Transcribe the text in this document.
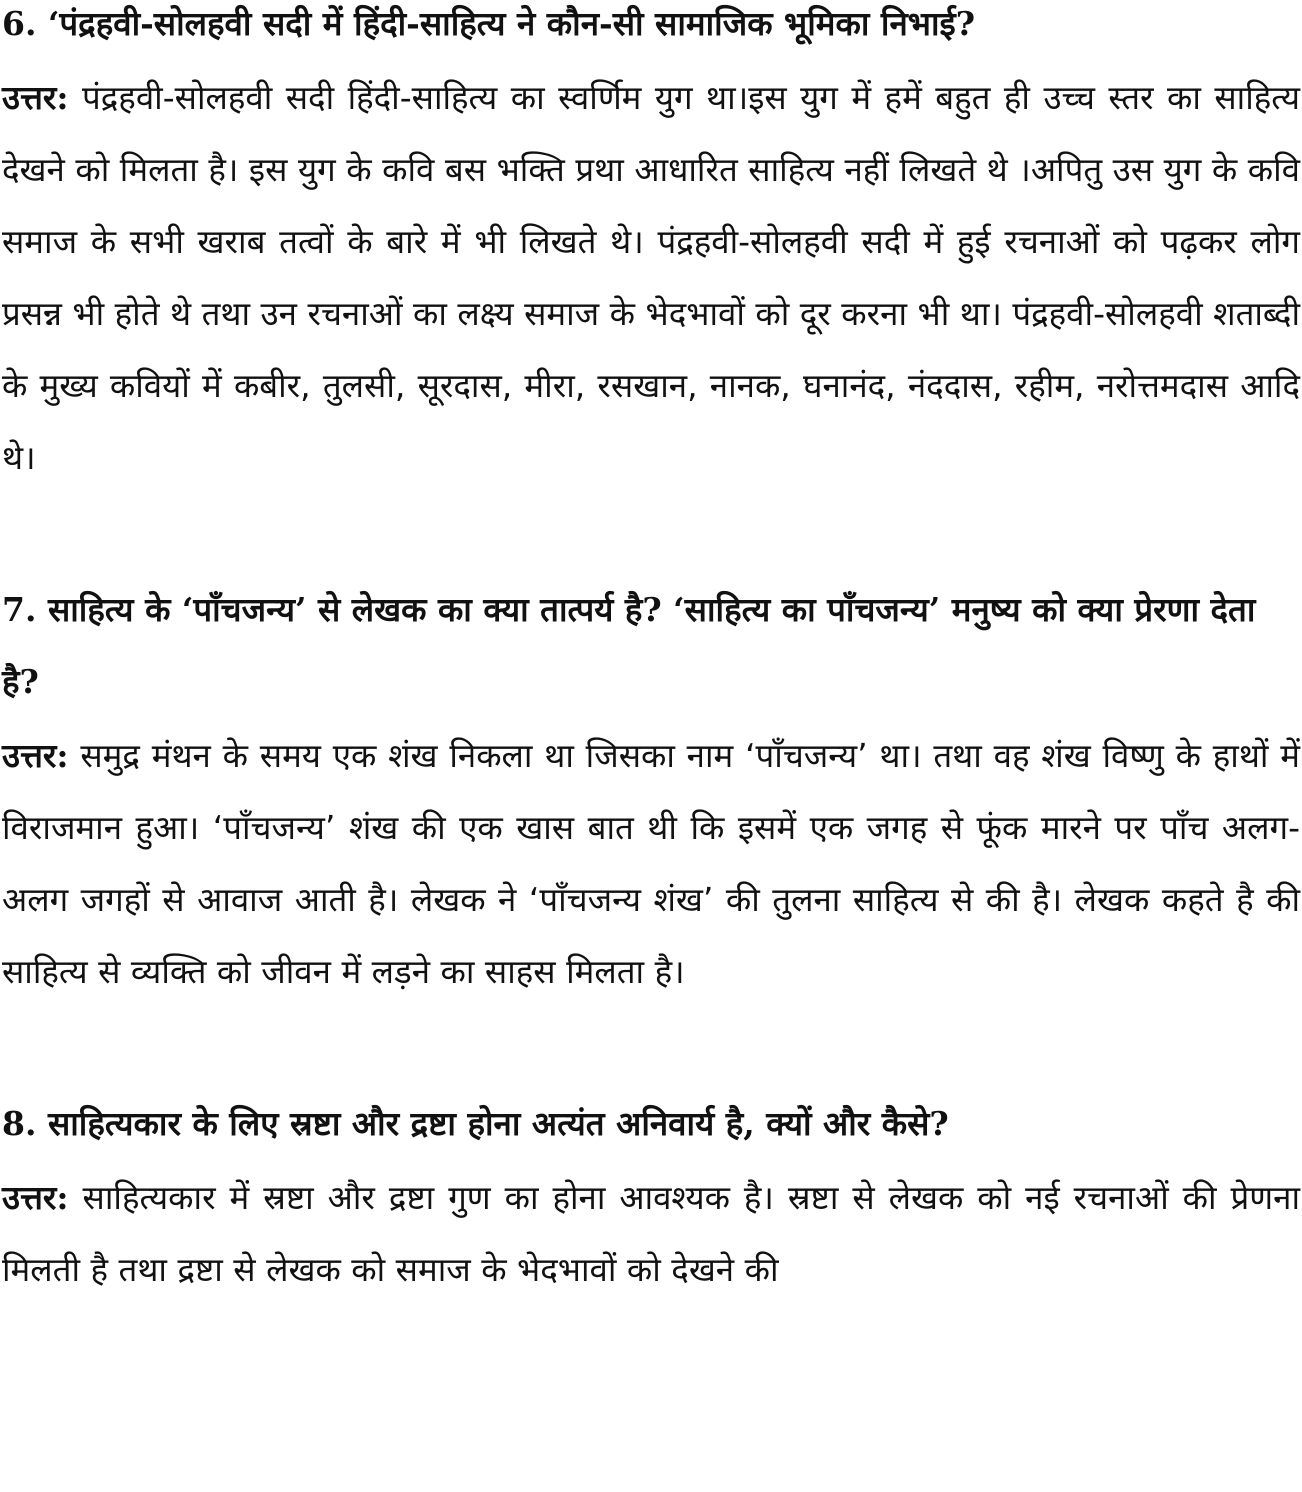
6. ‘पंद्रहवी-सोलहवी सदी में हिंदी-साहित्य ने कौन-सी सामाजिक भूमिका निभाई?

उत्तर: पंद्रहवी-सोलहवी सदी हिंदी-साहित्य का स्वर्णिम युग था।इस युग में हमें बहुत ही उच्च स्तर का साहित्य देखने को मिलता है। इस युग के कवि बस भक्ति प्रथा आधारित साहित्य नहीं लिखते थे ।अपितु उस युग के कवि समाज के सभी खराब तत्वों के बारे में भी लिखते थे। पंद्रहवी-सोलहवी सदी में हुई रचनाओं को पढ़कर लोग प्रसन्न भी होते थे तथा उन रचनाओं का लक्ष्य समाज के भेदभावों को दूर करना भी था। पंद्रहवी-सोलहवी शताब्दी के मुख्य कवियों में कबीर, तुलसी, सूरदास, मीरा, रसखान, नानक, घनानंद, नंददास, रहीम, नरोत्तमदास आदि थे।

7. साहित्य के ‘पाँचजन्य’ से लेखक का क्या तात्पर्य है? ‘साहित्य का पाँचजन्य’ मनुष्य को क्या प्रेरणा देता है?

उत्तर: समुद्र मंथन के समय एक शंख निकला था जिसका नाम ‘पाँचजन्य’ था। तथा वह शंख विष्णु के हाथों में विराजमान हुआ। ‘पाँचजन्य’ शंख की एक खास बात थी कि इसमें एक जगह से फूंक मारने पर पाँच अलग-अलग जगहों से आवाज आती है। लेखक ने ‘पाँचजन्य शंख’ की तुलना साहित्य से की है। लेखक कहते है की साहित्य से व्यक्ति को जीवन में लड़ने का साहस मिलता है।

8. साहित्यकार के लिए स्रष्टा और द्रष्टा होना अत्यंत अनिवार्य है, क्यों और कैसे?

उत्तर: साहित्यकार में स्रष्टा और द्रष्टा गुण का होना आवश्यक है। स्रष्टा से लेखक को नई रचनाओं की प्रेणना मिलती है तथा द्रष्टा से लेखक को समाज के भेदभावों को देखने की
